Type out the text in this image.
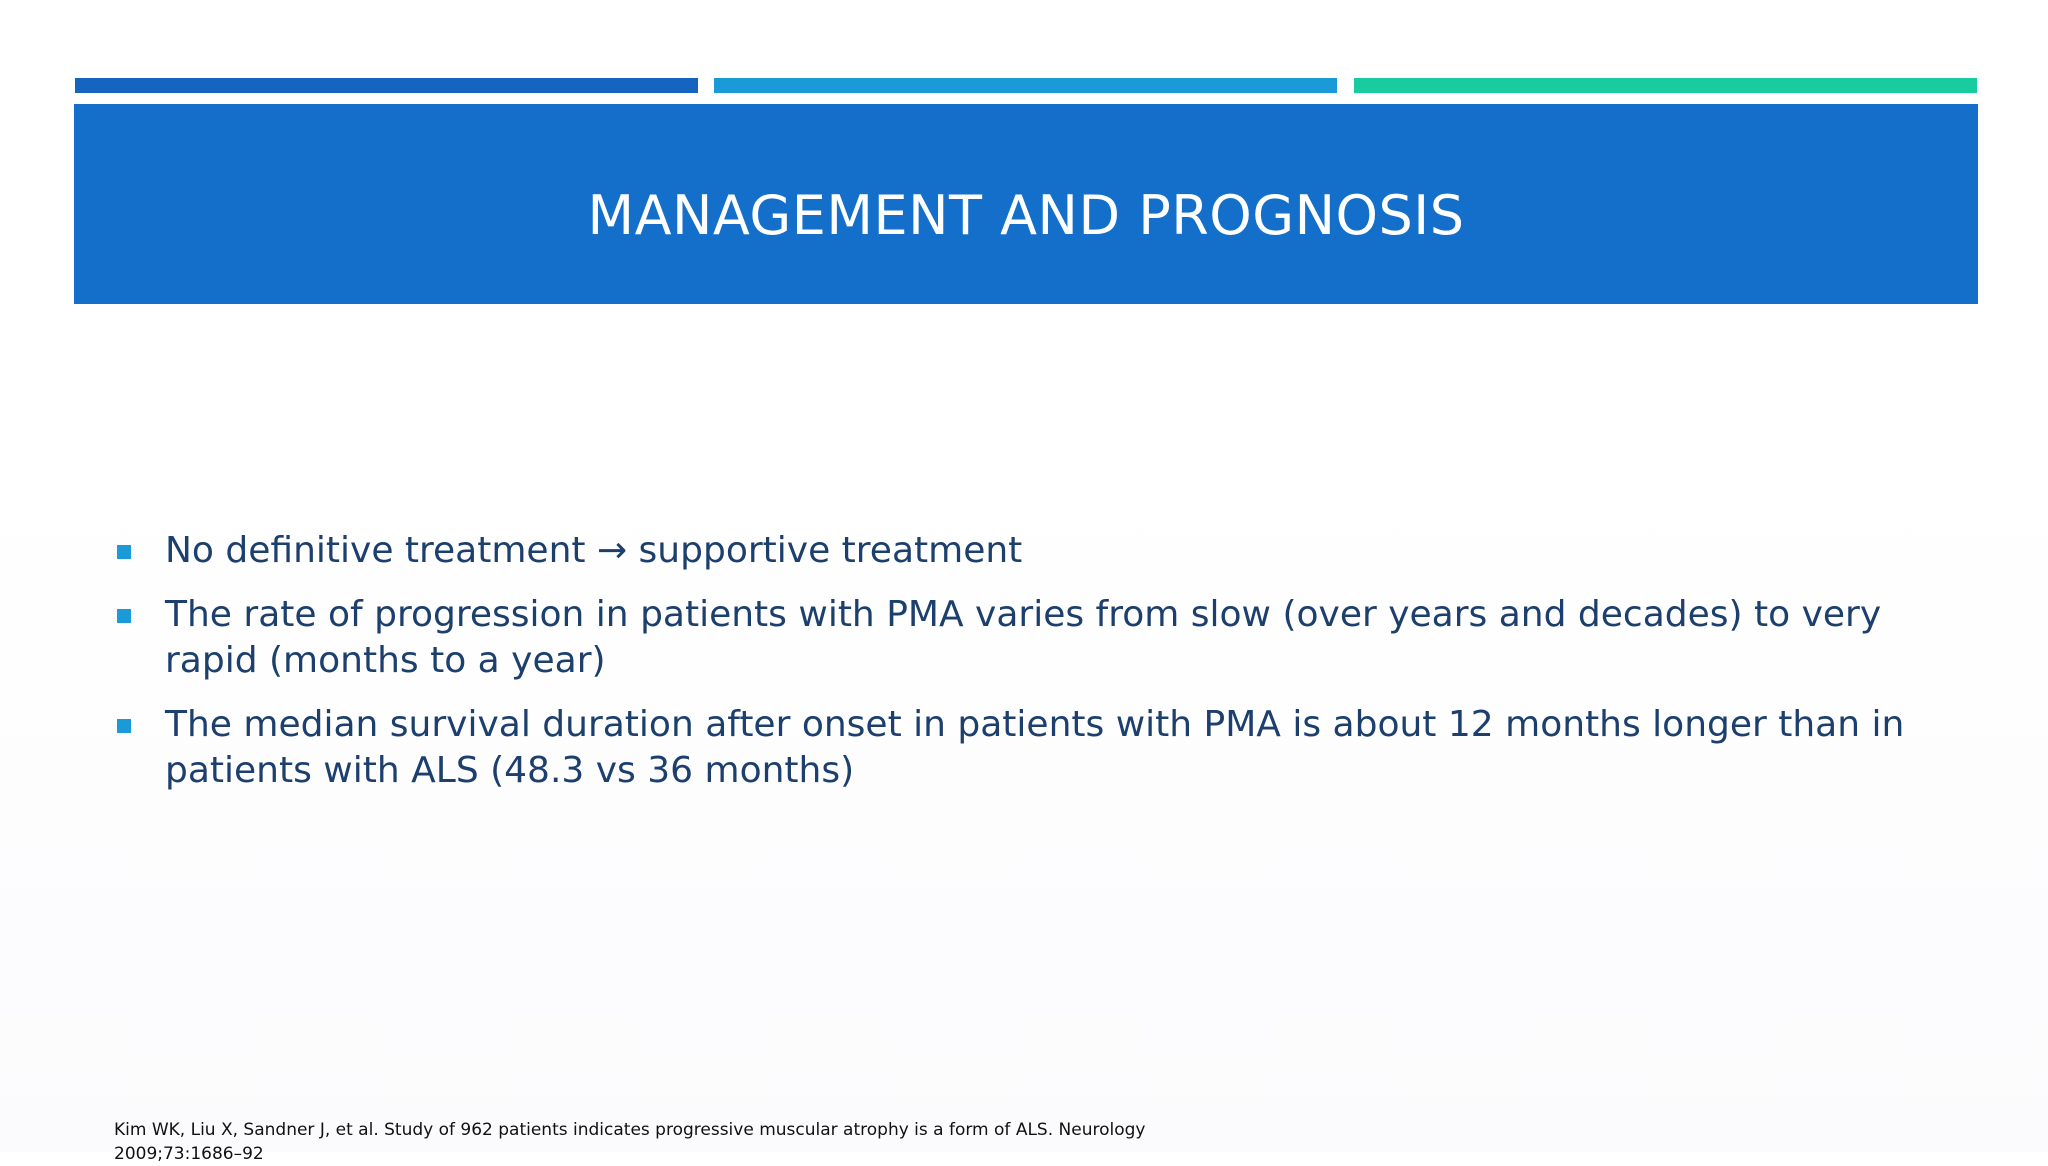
MANAGEMENT AND PROGNOSIS
No definitive treatment → supportive treatment
The rate of progression in patients with PMA varies from slow (over years and decades) to very rapid (months to a year)
The median survival duration after onset in patients with PMA is about 12 months longer than in patients with ALS (48.3 vs 36 months)
Kim WK, Liu X, Sandner J, et al. Study of 962 patients indicates progressive muscular atrophy is a form of ALS. Neurology 2009;73:1686–92
